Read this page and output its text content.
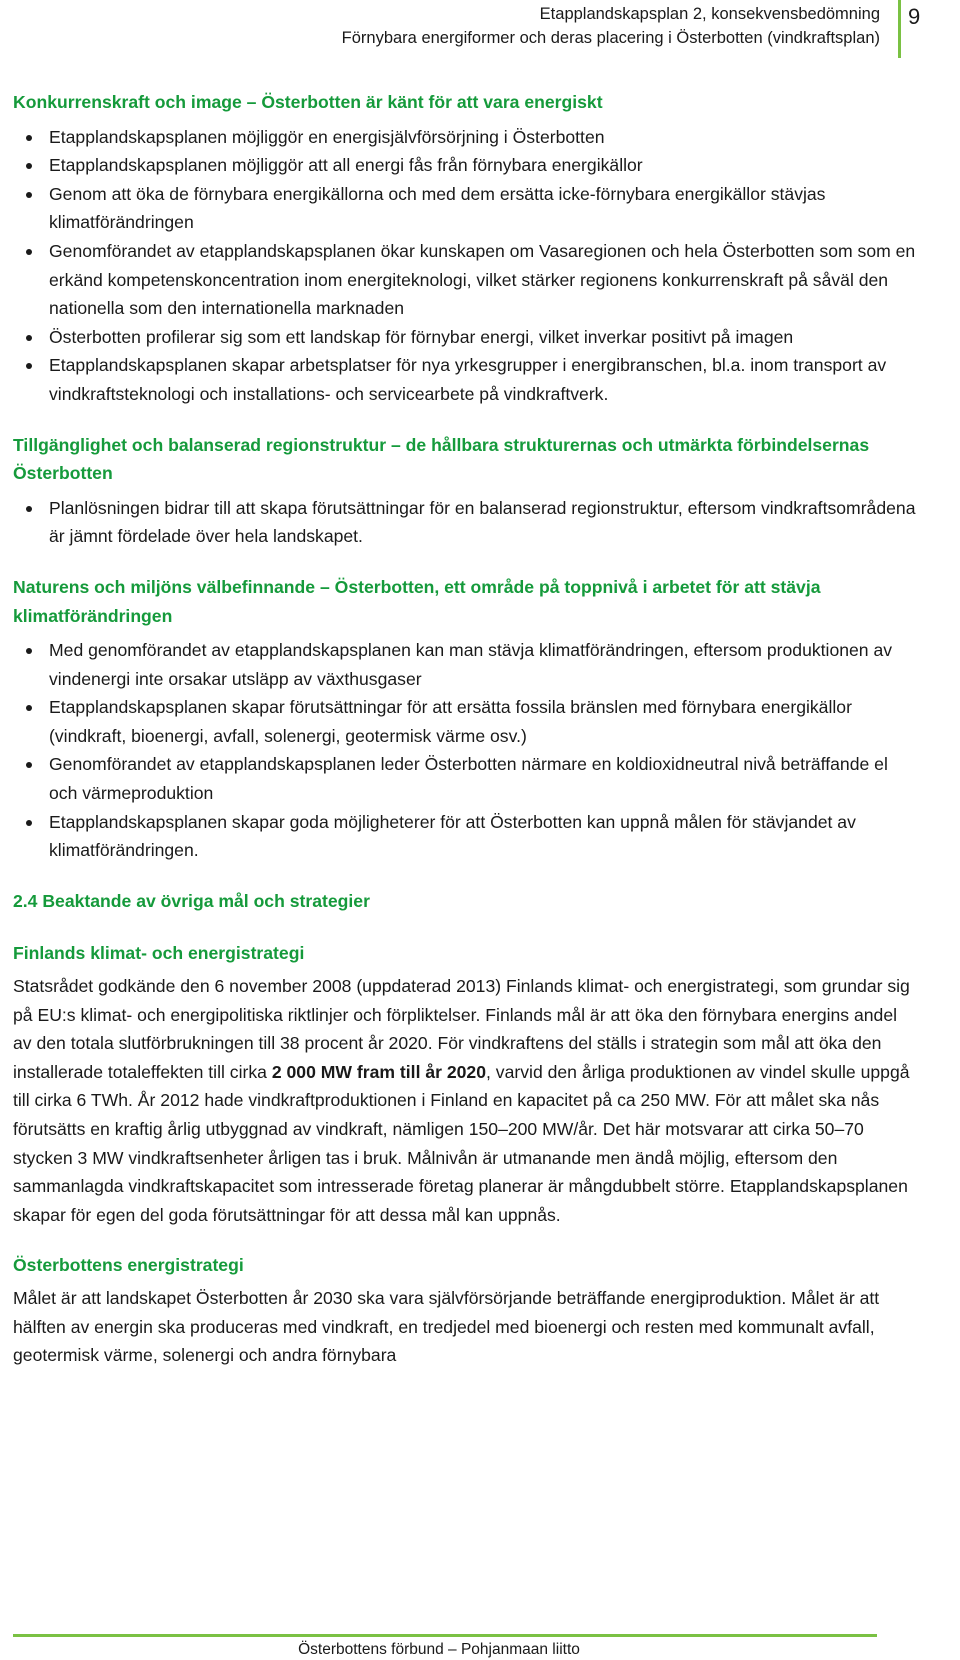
Etapplandskapsplan 2, konsekvensbedömning
Förnybara energiformer och deras placering i Österbotten (vindkraftsplan)
9
Konkurrenskraft och image – Österbotten är känt för att vara energiskt
Etapplandskapsplanen möjliggör en energisjälvförsörjning i Österbotten
Etapplandskapsplanen möjliggör att all energi fås från förnybara energikällor
Genom att öka de förnybara energikällorna och med dem ersätta icke-förnybara energikällor stävjas klimatförändringen
Genomförandet av etapplandskapsplanen ökar kunskapen om Vasaregionen och hela Österbotten som som en erkänd kompetenskoncentration inom energiteknologi, vilket stärker regionens konkurrenskraft på såväl den nationella som den internationella marknaden
Österbotten profilerar sig som ett landskap för förnybar energi, vilket inverkar positivt på imagen
Etapplandskapsplanen skapar arbetsplatser för nya yrkesgrupper i energibranschen, bl.a. inom transport av vindkraftsteknologi och installations- och servicearbete på vindkraftverk.
Tillgänglighet och balanserad regionstruktur – de hållbara strukturernas och utmärkta förbindelsernas Österbotten
Planlösningen bidrar till att skapa förutsättningar för en balanserad regionstruktur, eftersom vindkraftsområdena är jämnt fördelade över hela landskapet.
Naturens och miljöns välbefinnande – Österbotten, ett område på toppnivå i arbetet för att stävja klimatförändringen
Med genomförandet av etapplandskapsplanen kan man stävja klimatförändringen, eftersom produktionen av vindenergi inte orsakar utsläpp av växthusgaser
Etapplandskapsplanen skapar förutsättningar för att ersätta fossila bränslen med förnybara energikällor (vindkraft, bioenergi, avfall, solenergi, geotermisk värme osv.)
Genomförandet av etapplandskapsplanen leder Österbotten närmare en koldioxidneutral nivå beträffande el och värmeproduktion
Etapplandskapsplanen skapar goda möjligheterer för att Österbotten kan uppnå målen för stävjandet av klimatförändringen.
2.4 Beaktande av övriga mål och strategier
Finlands klimat- och energistrategi

Statsrådet godkände den 6 november 2008 (uppdaterad 2013) Finlands klimat- och energistrategi, som grundar sig på EU:s klimat- och energipolitiska riktlinjer och förpliktelser. Finlands mål är att öka den förnybara energins andel av den totala slutförbrukningen till 38 procent år 2020. För vindkraftens del ställs i strategin som mål att öka den installerade totaleffekten till cirka 2 000 MW fram till år 2020, varvid den årliga produktionen av vindel skulle uppgå till cirka 6 TWh. År 2012 hade vindkraftproduktionen i Finland en kapacitet på ca 250 MW. För att målet ska nås förutsätts en kraftig årlig utbyggnad av vindkraft, nämligen 150–200 MW/år. Det här motsvarar att cirka 50–70 stycken 3 MW vindkraftsenheter årligen tas i bruk. Målnivån är utmanande men ändå möjlig, eftersom den sammanlagda vindkraftskapacitet som intresserade företag planerar är mångdubbelt större. Etapplandskapsplanen skapar för egen del goda förutsättningar för att dessa mål kan uppnås.

Österbottens energistrategi

Målet är att landskapet Österbotten år 2030 ska vara självförsörjande beträffande energiproduktion. Målet är att hälften av energin ska produceras med vindkraft, en tredjedel med bioenergi och resten med kommunalt avfall, geotermisk värme, solenergi och andra förnybara

Österbottens förbund – Pohjanmaan liitto
